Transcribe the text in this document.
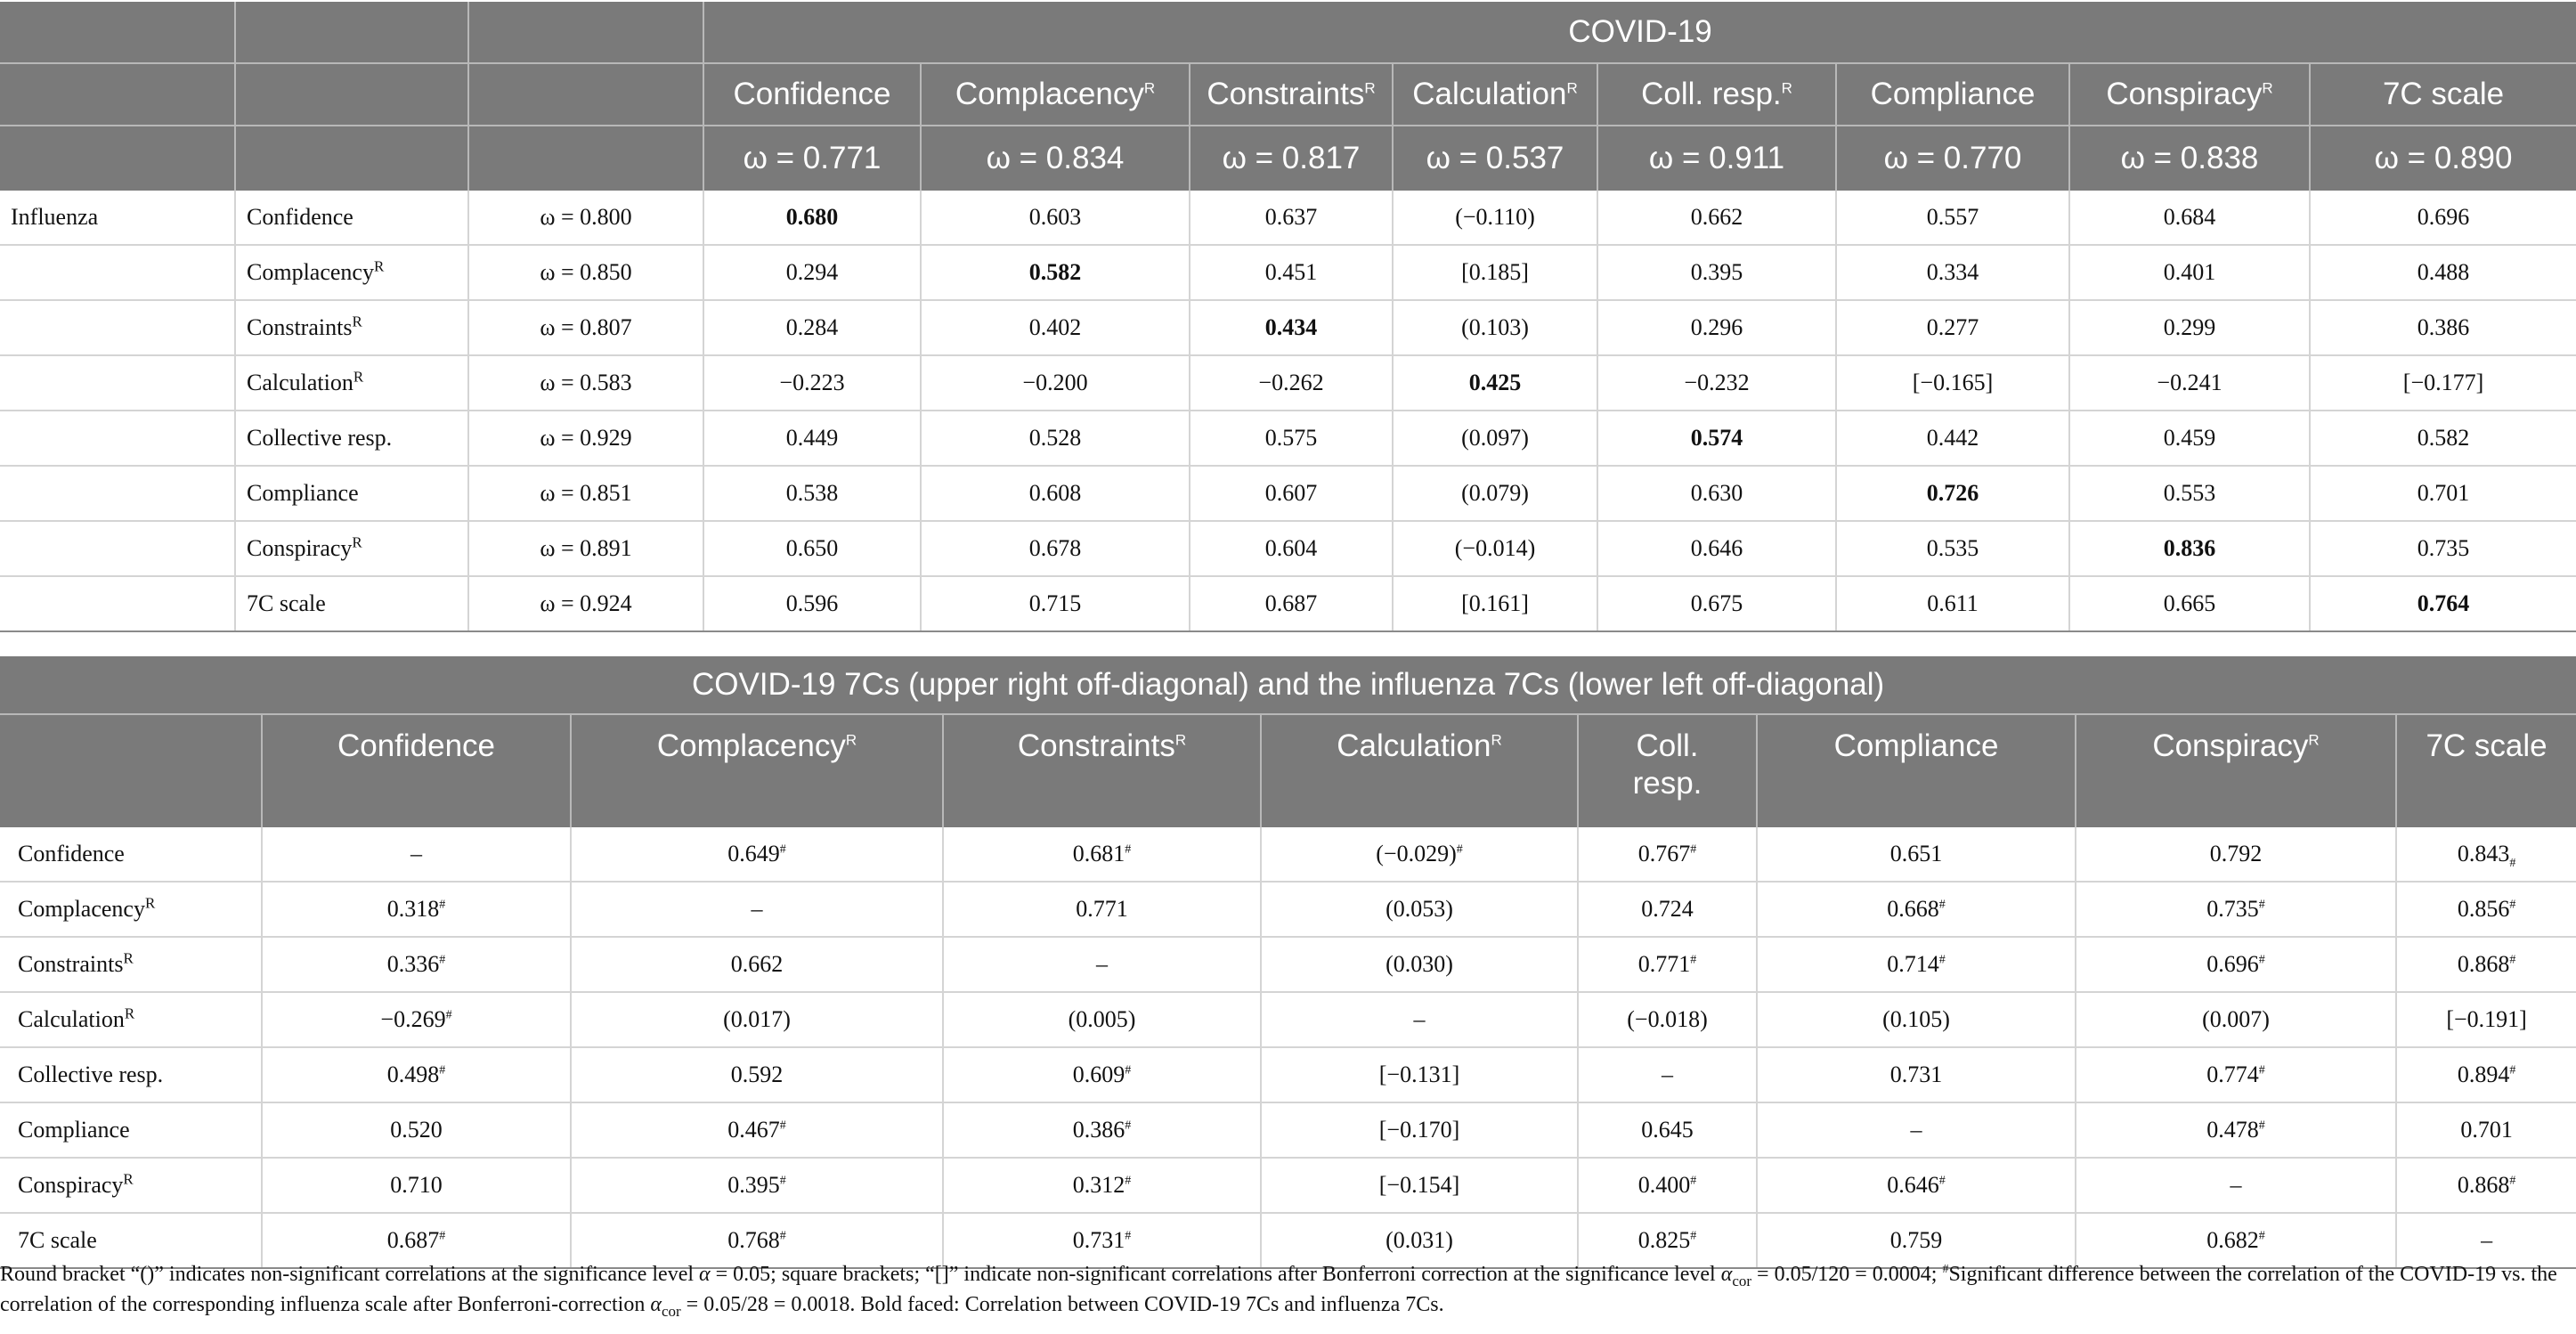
			COVID-19							
			Confidence	Complacency$^R$	Constraints$^R$	Calculation$^R$	Coll. resp.$^R$	Compliance	Conspiracy$^R$	7C scale
			ω = 0.771	ω = 0.834	ω = 0.817	ω = 0.537	ω = 0.911	ω = 0.770	ω = 0.838	ω = 0.890
Influenza	Confidence	ω = 0.800	0.680	0.603	0.637	(−0.110)	0.662	0.557	0.684	0.696
	Complacency$^R$	ω = 0.850	0.294	0.582	0.451	[0.185]	0.395	0.334	0.401	0.488
	Constraints$^R$	ω = 0.807	0.284	0.402	0.434	(0.103)	0.296	0.277	0.299	0.386
	Calculation$^R$	ω = 0.583	−0.223	−0.200	−0.262	0.425	−0.232	[−0.165]	−0.241	[−0.177]
	Collective resp.	ω = 0.929	0.449	0.528	0.575	(0.097)	0.574	0.442	0.459	0.582
	Compliance	ω = 0.851	0.538	0.608	0.607	(0.079)	0.630	0.726	0.553	0.701
	Conspiracy$^R$	ω = 0.891	0.650	0.678	0.604	(−0.014)	0.646	0.535	0.836	0.735
	7C scale	ω = 0.924	0.596	0.715	0.687	[0.161]	0.675	0.611	0.665	0.764
COVID-19 7Cs (upper right off-diagonal) and the influenza 7Cs (lower left off-diagonal)								
	Confidence	Complacency$^R$	Constraints$^R$	Calculation$^R$	Coll. resp.	Compliance	Conspiracy$^R$	7C scale
Confidence	–	0.649#	0.681#	(−0.029)#	0.767#	0.651	0.792	$0.843_{\#}$
Complacency$^R$	0.318#	–	0.771	(0.053)	0.724	0.668#	0.735#	0.856#
Constraints$^R$	0.336#	0.662	–	(0.030)	0.771#	0.714#	0.696#	0.868#
Calculation$^R$	−0.269#	(0.017)	(0.005)	–	(−0.018)	(0.105)	(0.007)	[−0.191]
Collective resp.	0.498#	0.592	0.609#	[−0.131]	–	0.731	0.774#	0.894#
Compliance	0.520	0.467#	0.386#	[−0.170]	0.645	–	0.478#	0.701
Conspiracy$^R$	0.710	0.395#	0.312#	[−0.154]	0.400#	0.646#	–	0.868#
7C scale	0.687#	0.768#	0.731#	(0.031)	0.825#	0.759	0.682#	–
Round bracket “()” indicates non-significant correlations at the significance level α = 0.05; square brackets; “[]” indicate non-significant correlations after Bonferroni correction at the significance level $\alpha_{cor} = 0.05/120 = 0.0004$; #Significant difference between the correlation of the COVID-19 vs. the correlation of the corresponding influenza scale after Bonferroni-correction $\alpha_{cor} = 0.05/28 = 0.0018$. Bold faced: Correlation between COVID-19 7Cs and influenza 7Cs.
